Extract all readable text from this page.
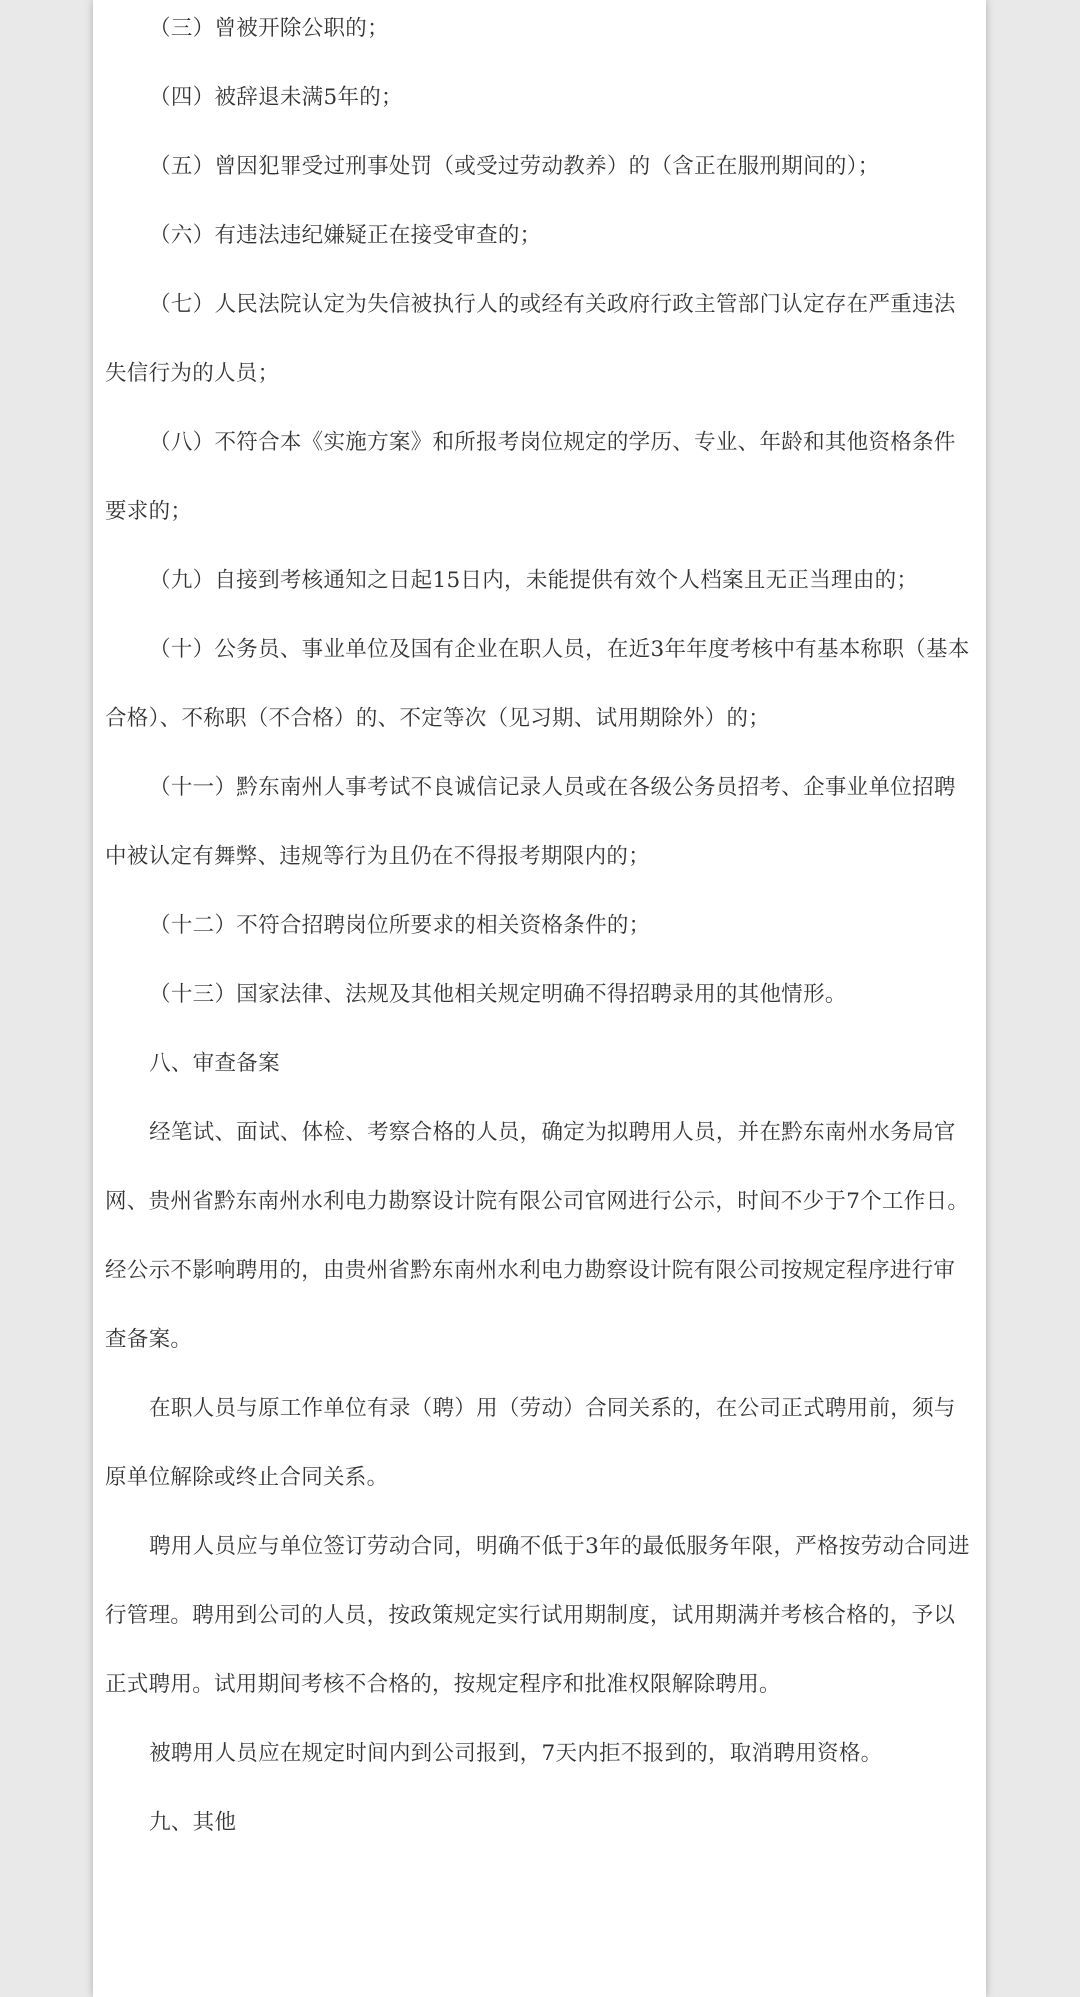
（三）曾被开除公职的；

（四）被辞退未满5年的；

（五）曾因犯罪受过刑事处罚（或受过劳动教养）的（含正在服刑期间的）；

（六）有违法违纪嫌疑正在接受审查的；

（七）人民法院认定为失信被执行人的或经有关政府行政主管部门认定存在严重违法失信行为的人员；

（八）不符合本《实施方案》和所报考岗位规定的学历、专业、年龄和其他资格条件要求的；

（九）自接到考核通知之日起15日内，未能提供有效个人档案且无正当理由的；

（十）公务员、事业单位及国有企业在职人员，在近3年年度考核中有基本称职（基本合格）、不称职（不合格）的、不定等次（见习期、试用期除外）的；

（十一）黔东南州人事考试不良诚信记录人员或在各级公务员招考、企事业单位招聘中被认定有舞弊、违规等行为且仍在不得报考期限内的；

（十二）不符合招聘岗位所要求的相关资格条件的；

（十三）国家法律、法规及其他相关规定明确不得招聘录用的其他情形。

八、审查备案

经笔试、面试、体检、考察合格的人员，确定为拟聘用人员，并在黔东南州水务局官网、贵州省黔东南州水利电力勘察设计院有限公司官网进行公示，时间不少于7个工作日。经公示不影响聘用的，由贵州省黔东南州水利电力勘察设计院有限公司按规定程序进行审查备案。

在职人员与原工作单位有录（聘）用（劳动）合同关系的，在公司正式聘用前，须与原单位解除或终止合同关系。

聘用人员应与单位签订劳动合同，明确不低于3年的最低服务年限，严格按劳动合同进行管理。聘用到公司的人员，按政策规定实行试用期制度，试用期满并考核合格的，予以正式聘用。试用期间考核不合格的，按规定程序和批准权限解除聘用。

被聘用人员应在规定时间内到公司报到，7天内拒不报到的，取消聘用资格。

九、其他
